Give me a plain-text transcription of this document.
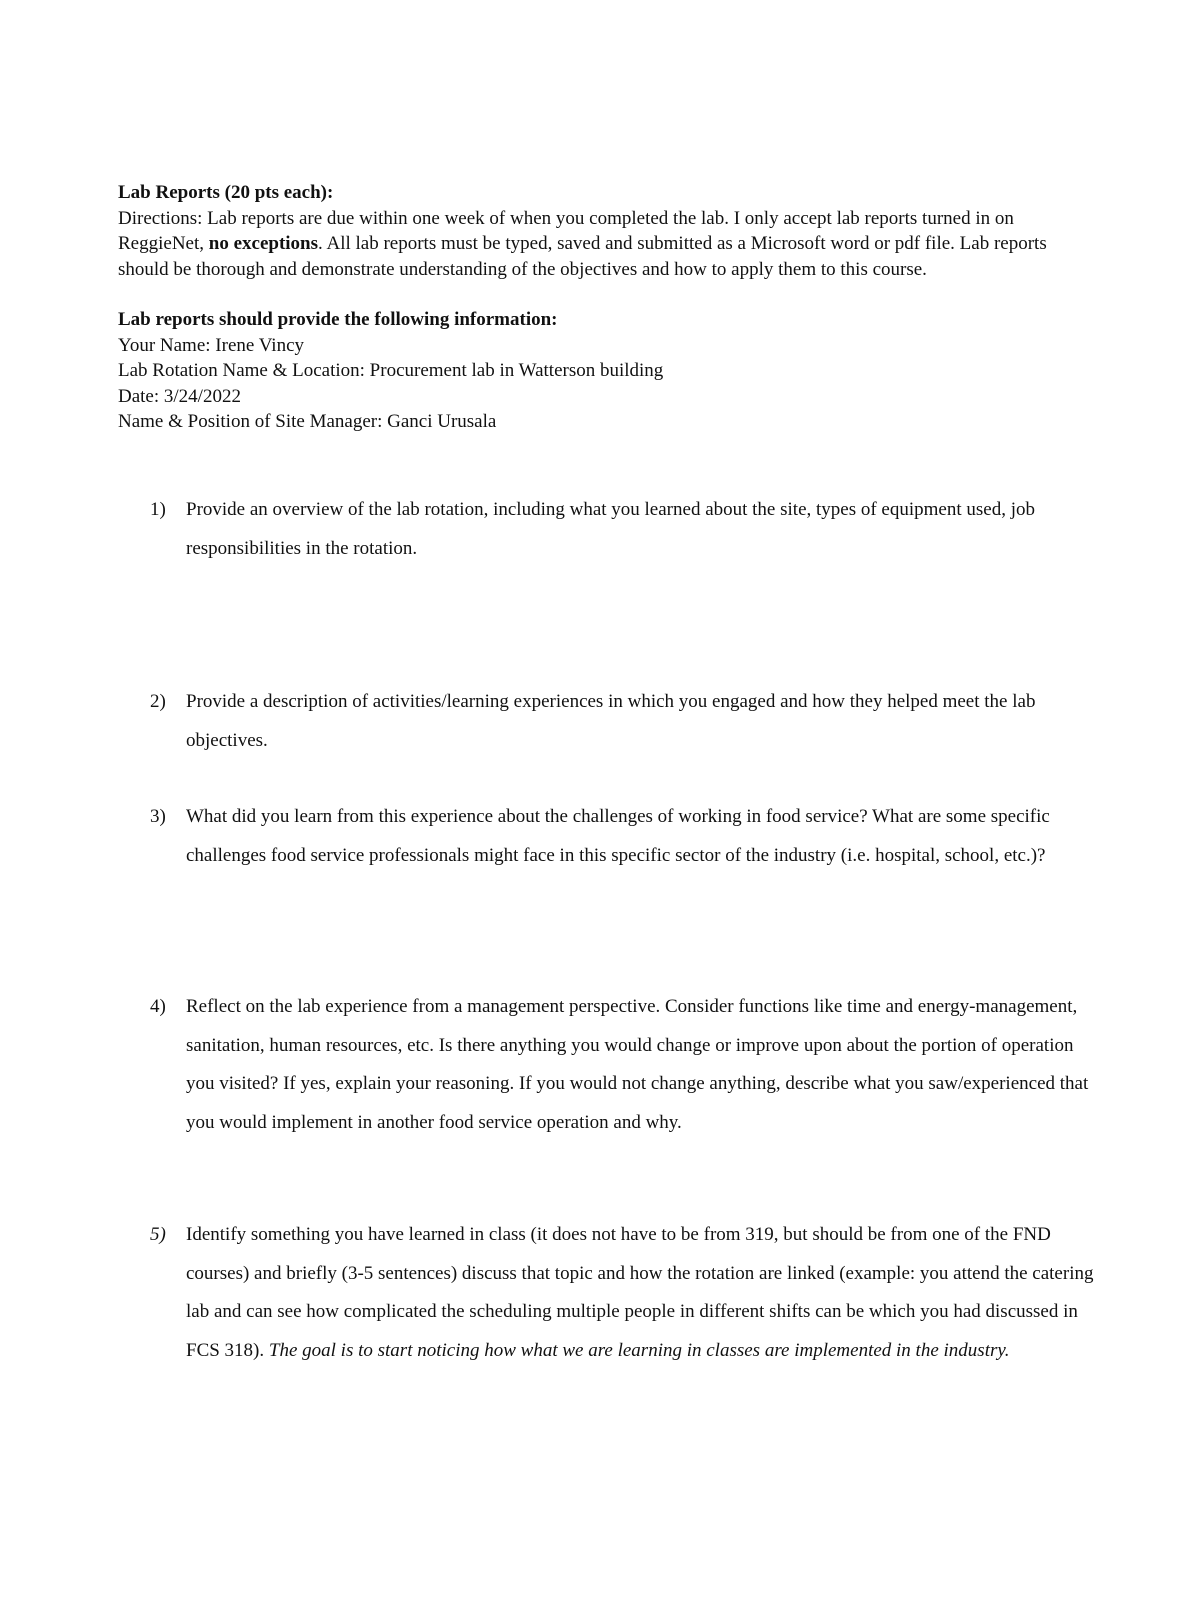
Lab Reports (20 pts each):

Directions: Lab reports are due within one week of when you completed the lab. I only accept lab reports turned in on ReggieNet, no exceptions. All lab reports must be typed, saved and submitted as a Microsoft word or pdf file. Lab reports should be thorough and demonstrate understanding of the objectives and how to apply them to this course.

Lab reports should provide the following information:

Your Name: Irene Vincy

Lab Rotation Name & Location: Procurement lab in Watterson building

Date: 3/24/2022

Name & Position of Site Manager: Ganci Urusala

1)	Provide an overview of the lab rotation, including what you learned about the site, types of equipment used, job responsibilities in the rotation.
2)	Provide a description of activities/learning experiences in which you engaged and how they helped meet the lab objectives.
3)	What did you learn from this experience about the challenges of working in food service? What are some specific challenges food service professionals might face in this specific sector of the industry (i.e. hospital, school, etc.)?
4)	Reflect on the lab experience from a management perspective. Consider functions like time and energy-management, sanitation, human resources, etc. Is there anything you would change or improve upon about the portion of operation you visited? If yes, explain your reasoning. If you would not change anything, describe what you saw/experienced that you would implement in another food service operation and why.
5)	Identify something you have learned in class (it does not have to be from 319, but should be from one of the FND courses) and briefly (3-5 sentences) discuss that topic and how the rotation are linked (example: you attend the catering lab and can see how complicated the scheduling multiple people in different shifts can be which you had discussed in FCS 318). The goal is to start noticing how what we are learning in classes are implemented in the industry.
